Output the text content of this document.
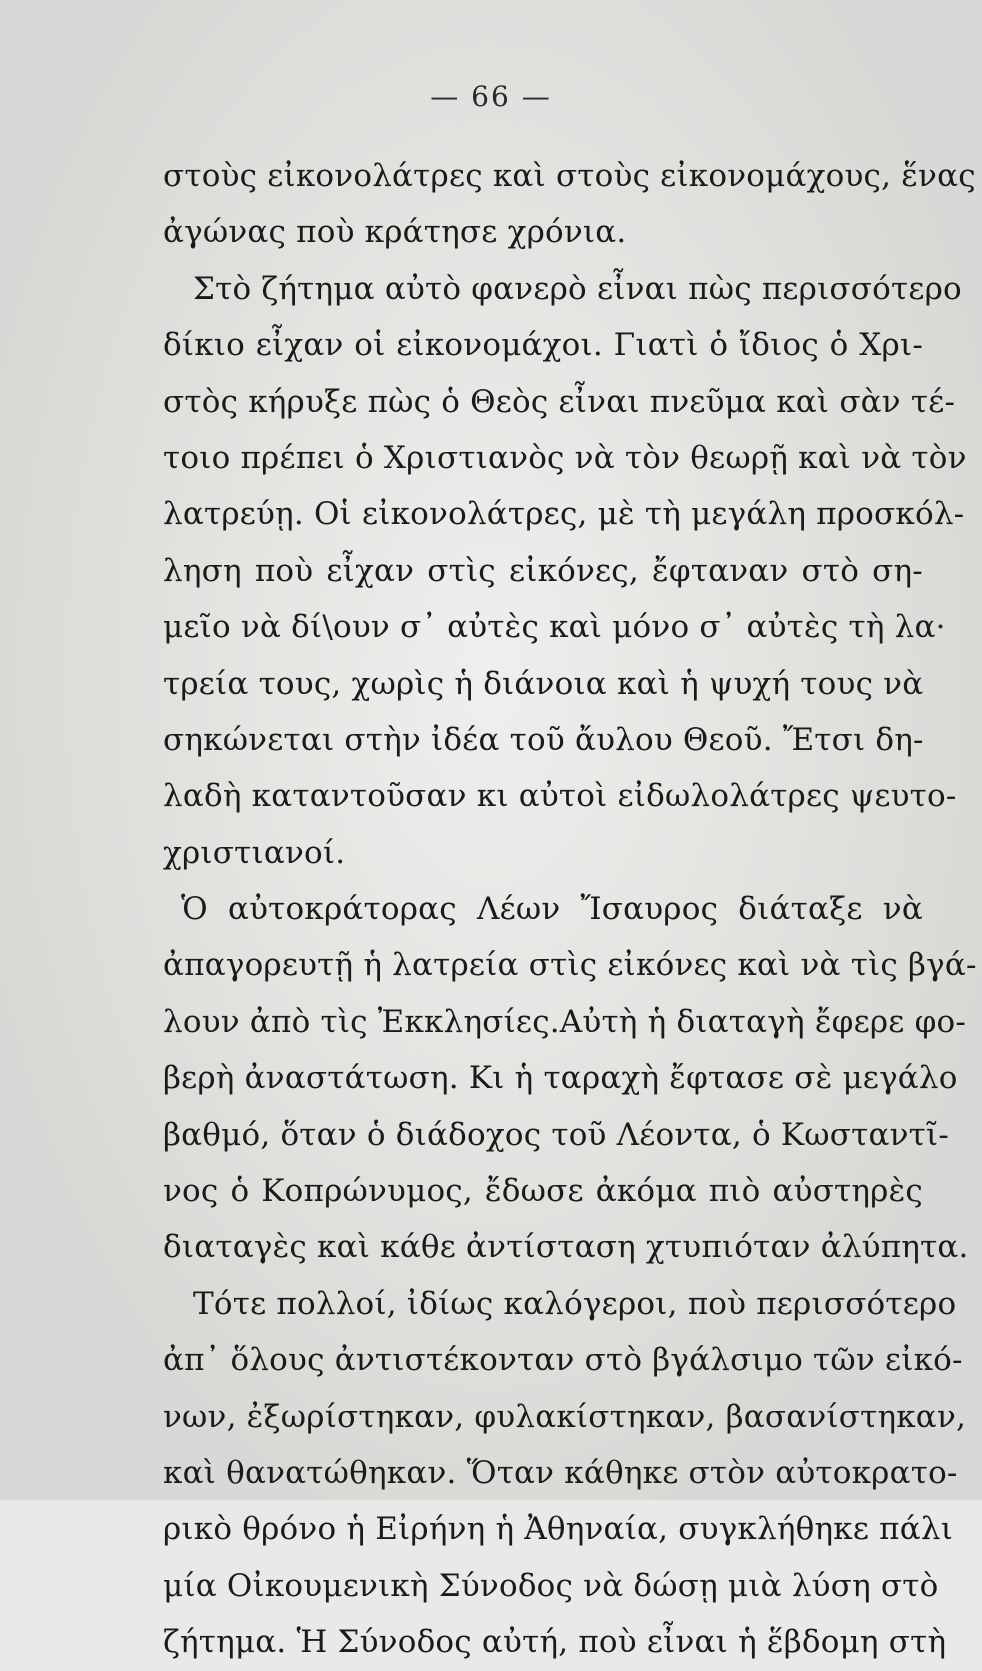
— 66 —
στοὺς εἰκονολάτρες καὶ στοὺς εἰκονομάχους, ἕνας
ἀγώνας ποὺ κράτησε χρόνια.
Στὸ ζήτημα αὐτὸ φανερὸ εἶναι πὼς περισσότερο
δίκιο εἶχαν οἱ εἰκονομάχοι. Γιατὶ ὁ ἴδιος ὁ Χρι-
στὸς κήρυξε πὼς ὁ Θεὸς εἶναι πνεῦμα καὶ σὰν τέ-
τοιο πρέπει ὁ Χριστιανὸς νὰ τὸν θεωρῇ καὶ νὰ τὸν
λατρεύῃ. Οἱ εἰκονολάτρες, μὲ τὴ μεγάλη προσκόλ-
ληση ποὺ εἶχαν στὶς εἰκόνες, ἔφταναν στὸ ση-
μεῖο νὰ δί\ουν σ᾿ αὐτὲς καὶ μόνο σ᾿ αὐτὲς τὴ λα·
τρεία τους, χωρὶς ἡ διάνοια καὶ ἡ ψυχή τους νὰ
σηκώνεται στὴν ἰδέα τοῦ ἄυλου Θεοῦ. Ἔτσι δη-
λαδὴ καταντοῦσαν κι αὐτοὶ εἰδωλολάτρες ψευτο-
χριστιανοί.
Ὁ αὐτοκράτορας Λέων Ἴσαυρος διάταξε νὰ
ἀπαγορευτῇ ἡ λατρεία στὶς εἰκόνες καὶ νὰ τὶς βγά-
λουν ἀπὸ τὶς Ἐκκλησίες.Αὐτὴ ἡ διαταγὴ ἔφερε φο-
βερὴ ἀναστάτωση. Κι ἡ ταραχὴ ἔφτασε σὲ μεγάλο
βαθμό, ὅταν ὁ διάδοχος τοῦ Λέοντα, ὁ Κωσταντῖ-
νος ὁ Κοπρώνυμος, ἔδωσε ἀκόμα πιὸ αὐστηρὲς
διαταγὲς καὶ κάθε ἀντίσταση χτυπιόταν ἀλύπητα.
Τότε πολλοί, ἰδίως καλόγεροι, ποὺ περισσότερο
ἀπ᾿ ὅλους ἀντιστέκονταν στὸ βγάλσιμο τῶν εἰκό-
νων, ἐξωρίστηκαν, φυλακίστηκαν, βασανίστηκαν,
καὶ θανατώθηκαν. Ὅταν κάθηκε στὸν αὐτοκρατο-
ρικὸ θρόνο ἡ Εἰρήνη ἡ Ἀθηναία, συγκλήθηκε πάλι
μία Οἰκουμενικὴ Σύνοδος νὰ δώσῃ μιὰ λύση στὸ
ζήτημα. Ἡ Σύνοδος αὐτή, ποὺ εἶναι ἡ ἕβδομη στὴ
